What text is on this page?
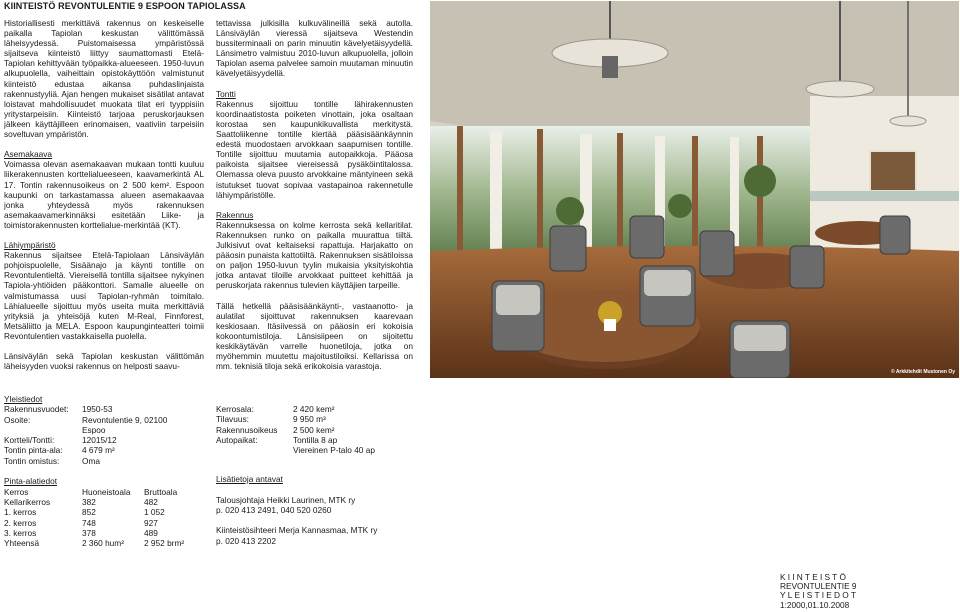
KIINTEISTÖ REVONTULENTIE 9 ESPOON TAPIOLASSA

Historiallisesti merkittävä rakennus on keskeiselle paikalla Tapiolan keskustan välittömässä läheisyydessä. Puistomaisessa ympäristössä sijaitseva kiinteistö liittyy saumattomasti Etelä-Tapiolan kehittyvään työpaikka-alueeseen. 1950-luvun alkupuolella, vaiheittain opistokäyttöön valmistunut kiinteistö edustaa aikansa puhdaslinjaista rakennustyyliä. Ajan hengen mukaiset sisätilat antavat loistavat mahdollisuudet muokata tilat eri tyyppisiin yritystarpeisiin. Kiinteistö tarjoaa peruskorjauksen jälkeen käyttäjilleen erinomaisen, vaativiin tarpeisiin soveltuvan ympäristön.

Asemakaava
Voimassa olevan asemakaavan mukaan tontti kuuluu liikerakennusten korttelialueeseen, kaavamerkintä AL 17. Tontin rakennusoikeus on 2 500 kem². Espoon kaupunki on tarkastamassa alueen asemakaavaa jonka yhteydessä myös rakennuksen asemakaavamerkinnäksi esitetään Liike- ja toimistorakennusten korttelialue-merkintää (KT).

Lähiympäristö
Rakennus sijaitsee Etelä-Tapiolaan Länsiväylän pohjoispuolelle, Sisäänajo ja käynti tontille on Revontulentieltä. Viereisellä tontilla sijaitsee nykyinen Tapiola-yhtiöiden pääkonttori. Samalle alueelle on valmistumassa uusi Tapiolan-ryhmän toimitalo. Lähialueelle sijoittuu myös useita muita merkittäviä yrityksiä ja yhteisöjä kuten M-Real, Finnforest, Metsäliitto ja MELA. Espoon kaupunginteatteri toimii Revontulentien vastakkaisella puolella.

Länsiväylän sekä Tapiolan keskustan välittömän läheisyyden vuoksi rakennus on helposti saavu-

tettavissa julkisilla kulkuvälineillä sekä autolla. Länsiväylän vieressä sijaitseva Westendin bussiterminaali on parin minuutin kävelyetäisyydellä. Länsimetro valmistuu 2010-luvun alkupuolella, jolloin Tapiolan asema palvelee samoin muutaman minuutin kävelyetäisyydellä.

Tontti
Rakennus sijoittuu tontille lähirakennusten koordinaatistosta poiketen vinottain, joka osaltaan korostaa sen kaupunkikuvallista merkitystä. Saattoliikenne tontille kiertää pääsisäänkäynnin edestä muodostaen arvokkaan saapumisen tontille. Tontille sijoittuu muutamia autopaikkoja. Pääosa paikoista sijaitsee viereisessä pysäköintitalossa. Olemassa oleva puusto arvokkaine mäntyineen sekä istutukset tuovat sopivaa vastapainoa rakennetulle lähiympäristölle.

Rakennus
Rakennuksessa on kolme kerrosta sekä kellaritilat. Rakennuksen runko on paikalla muurattua tiiltä. Julkisivut ovat keltaiseksi rapattuja. Harjakatto on pääosin punaista kattotiiltä. Rakennuksen sisätiloissa on paljon 1950-luvun tyylin mukaisia yksityiskohtia jotka antavat tiloille arvokkaat puitteet kehittää ja peruskorjata rakennus tulevien käyttäjien tarpeille.

Tällä hetkellä pääsisäänkäynti-, vastaanotto- ja aulatilat sijoittuvat rakennuksen kaarevaan keskiosaan. Itäsiivessä on pääosin eri kokoisia kokoontumistiloja. Länsisiipeen on sijoitettu keskikäytävän varrelle huonetiloja, jotka on myöhemmin muutettu majoitustiloiksi. Kellarissa on mm. teknisiä tiloja sekä erikokoisia varastoja.

© Arkkitehdit Mustonen Oy
Yleistiedot
Rakennusvuodet:	1950-53
Osoite:	Revontulentie 9, 02100
Espoo
Kortteli/Tontti:	12015/12
Tontin pinta-ala:	4 679 m²
Tontin omistus:	Oma
Pinta-alatiedot
Kerros	Huoneistoala	Bruttoala
Kellarikerros	382	482
1. kerros	852	1 052
2. kerros	748	927
3. kerros	378	489
Yhteensä	2 360 hum²	2 952 brm²
Kerrosala:	2 420 kem²
Tilavuus:	9 950 m³
Rakennusoikeus	2 500 kem²
Autopaikat:	Tontilla 8 ap
Viereinen P-talo 40 ap
Lisätietoja antavat
Talousjohtaja Heikki Laurinen, MTK ry
p. 020 413 2491, 040 520 0260
Kiinteistösihteeri Merja Kannasmaa, MTK ry
p. 020 413 2202
KIINTEISTÖ
REVONTULENTIE 9
YLEISTIEDOT
1:2000,01.10.2008
